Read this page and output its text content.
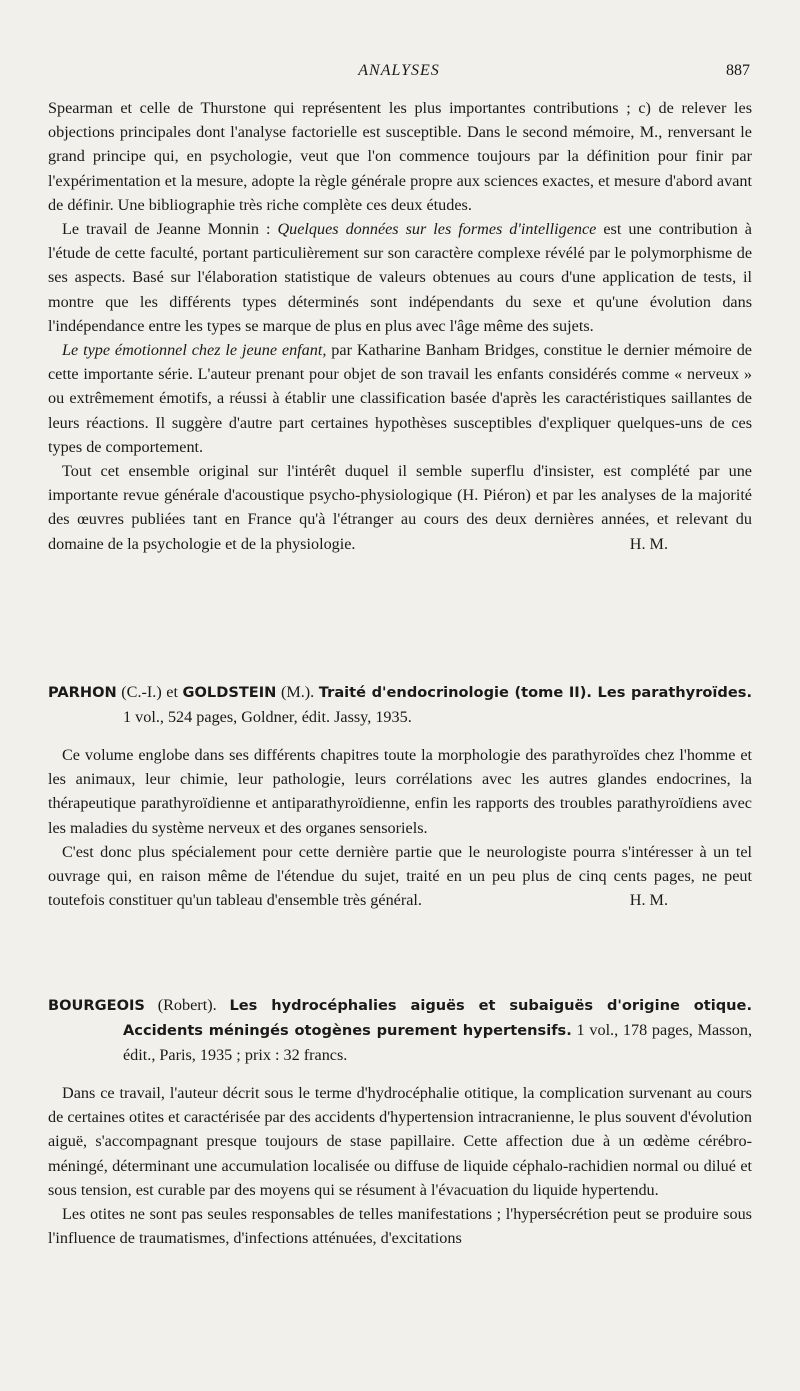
ANALYSES	887

Spearman et celle de Thurstone qui représentent les plus importantes contributions ; c) de relever les objections principales dont l'analyse factorielle est susceptible. Dans le second mémoire, M., renversant le grand principe qui, en psychologie, veut que l'on commence toujours par la définition pour finir par l'expérimentation et la mesure, adopte la règle générale propre aux sciences exactes, et mesure d'abord avant de définir. Une bibliographie très riche complète ces deux études.

Le travail de Jeanne Monnin : Quelques données sur les formes d'intelligence est une contribution à l'étude de cette faculté, portant particulièrement sur son caractère complexe révélé par le polymorphisme de ses aspects. Basé sur l'élaboration statistique de valeurs obtenues au cours d'une application de tests, il montre que les différents types déterminés sont indépendants du sexe et qu'une évolution dans l'indépendance entre les types se marque de plus en plus avec l'âge même des sujets.

Le type émotionnel chez le jeune enfant, par Katharine Banham Bridges, constitue le dernier mémoire de cette importante série. L'auteur prenant pour objet de son travail les enfants considérés comme « nerveux » ou extrêmement émotifs, a réussi à établir une classification basée d'après les caractéristiques saillantes de leurs réactions. Il suggère d'autre part certaines hypothèses susceptibles d'expliquer quelques-uns de ces types de comportement.

Tout cet ensemble original sur l'intérêt duquel il semble superflu d'insister, est complété par une importante revue générale d'acoustique psycho-physiologique (H. Piéron) et par les analyses de la majorité des œuvres publiées tant en France qu'à l'étranger au cours des deux dernières années, et relevant du domaine de la psychologie et de la physiologie.	H. M.

PARHON (C.-I.) et GOLDSTEIN (M.). Traité d'endocrinologie (tome II). Les parathyroïdes. 1 vol., 524 pages, Goldner, édit. Jassy, 1935.

Ce volume englobe dans ses différents chapitres toute la morphologie des parathyroïdes chez l'homme et les animaux, leur chimie, leur pathologie, leurs corrélations avec les autres glandes endocrines, la thérapeutique parathyroïdienne et antiparathyroïdienne, enfin les rapports des troubles parathyroïdiens avec les maladies du système nerveux et des organes sensoriels.

C'est donc plus spécialement pour cette dernière partie que le neurologiste pourra s'intéresser à un tel ouvrage qui, en raison même de l'étendue du sujet, traité en un peu plus de cinq cents pages, ne peut toutefois constituer qu'un tableau d'ensemble très général.	H. M.

BOURGEOIS (Robert). Les hydrocéphalies aiguës et subaiguës d'origine otique. Accidents méningés otogènes purement hypertensifs. 1 vol., 178 pages, Masson, édit., Paris, 1935 ; prix : 32 francs.

Dans ce travail, l'auteur décrit sous le terme d'hydrocéphalie otitique, la complication survenant au cours de certaines otites et caractérisée par des accidents d'hypertension intracranienne, le plus souvent d'évolution aiguë, s'accompagnant presque toujours de stase papillaire. Cette affection due à un œdème cérébro-méningé, déterminant une accumulation localisée ou diffuse de liquide céphalo-rachidien normal ou dilué et sous tension, est curable par des moyens qui se résument à l'évacuation du liquide hypertendu.

Les otites ne sont pas seules responsables de telles manifestations ; l'hypersécrétion peut se produire sous l'influence de traumatismes, d'infections atténuées, d'excitations
